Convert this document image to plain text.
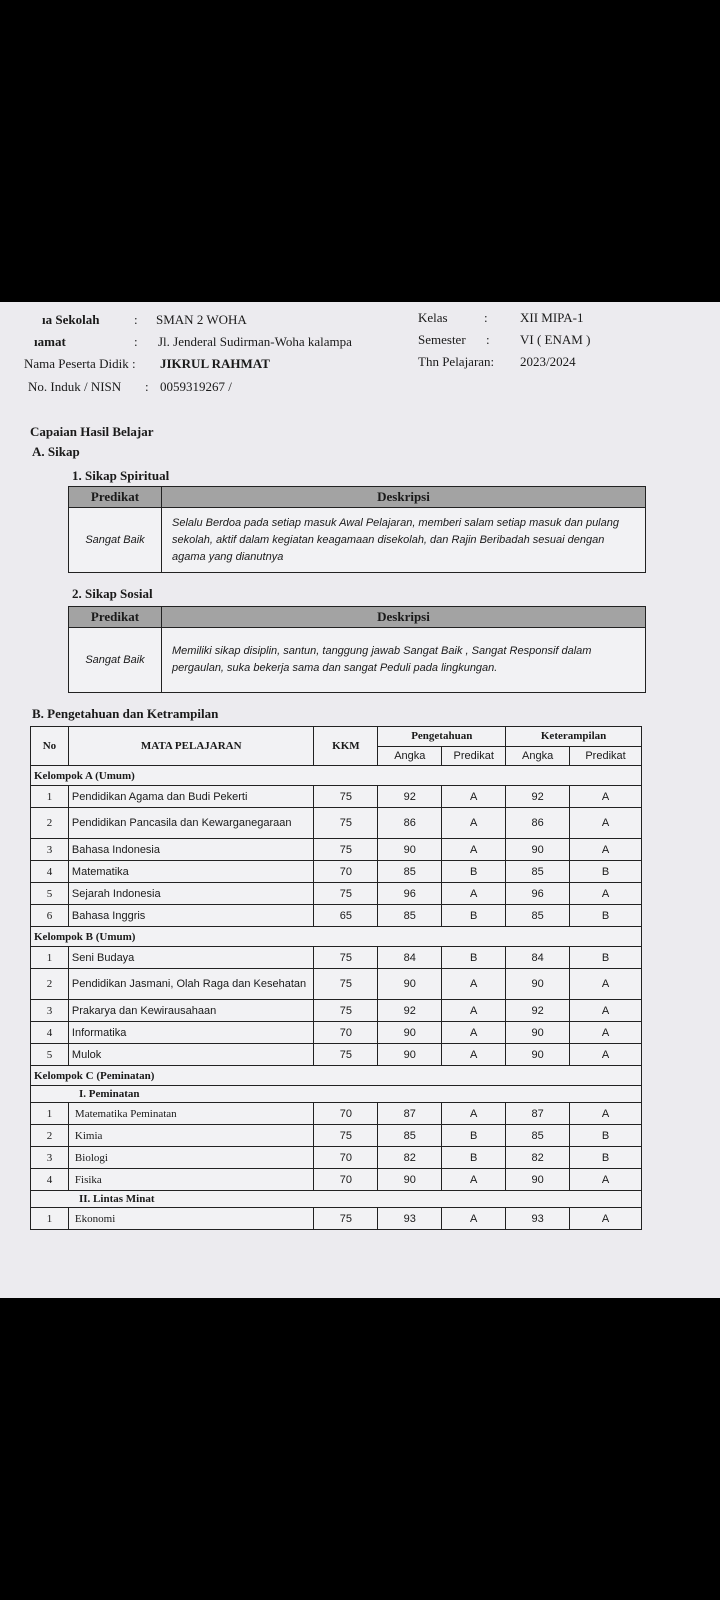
ıa Sekolah	: SMAN 2 WOHA
ıamat	: Jl. Jenderal Sudirman-Woha kalampa
Nama Peserta Didik : JIKRUL RAHMAT
No. Induk / NISN : 0059319267 /
Kelas	: XII MIPA-1
Semester : VI ( ENAM )
Thn Pelajaran: 2023/2024
Capaian Hasil Belajar
A. Sikap
1. Sikap Spiritual
Predikat	Deskripsi
Sangat Baik	Selalu Berdoa pada setiap masuk Awal Pelajaran, memberi salam setiap masuk dan pulang sekolah, aktif dalam kegiatan keagamaan disekolah, dan Rajin Beribadah sesuai dengan agama yang dianutnya
2. Sikap Sosial
Predikat	Deskripsi
Sangat Baik	Memiliki sikap disiplin, santun, tanggung jawab Sangat Baik , Sangat Responsif dalam pergaulan, suka bekerja sama dan sangat Peduli pada lingkungan.
B. Pengetahuan dan Ketrampilan
No	MATA PELAJARAN	KKM	Pengetahuan		Keterampilan	
			Angka	Predikat	Angka	Predikat
Kelompok A (Umum)						
1	Pendidikan Agama dan Budi Pekerti	75	92	A	92	A
2	Pendidikan Pancasila dan Kewarganegaraan	75	86	A	86	A
3	Bahasa Indonesia	75	90	A	90	A
4	Matematika	70	85	B	85	B
5	Sejarah Indonesia	75	96	A	96	A
6	Bahasa Inggris	65	85	B	85	B
Kelompok B (Umum)						
1	Seni Budaya	75	84	B	84	B
2	Pendidikan Jasmani, Olah Raga dan Kesehatan	75	90	A	90	A
3	Prakarya dan Kewirausahaan	75	92	A	92	A
4	Informatika	70	90	A	90	A
5	Mulok	75	90	A	90	A
Kelompok C (Peminatan)						
I. Peminatan						
1	Matematika Peminatan	70	87	A	87	A
2	Kimia	75	85	B	85	B
3	Biologi	70	82	B	82	B
4	Fisika	70	90	A	90	A
II. Lintas Minat						
1	Ekonomi	75	93	A	93	A
